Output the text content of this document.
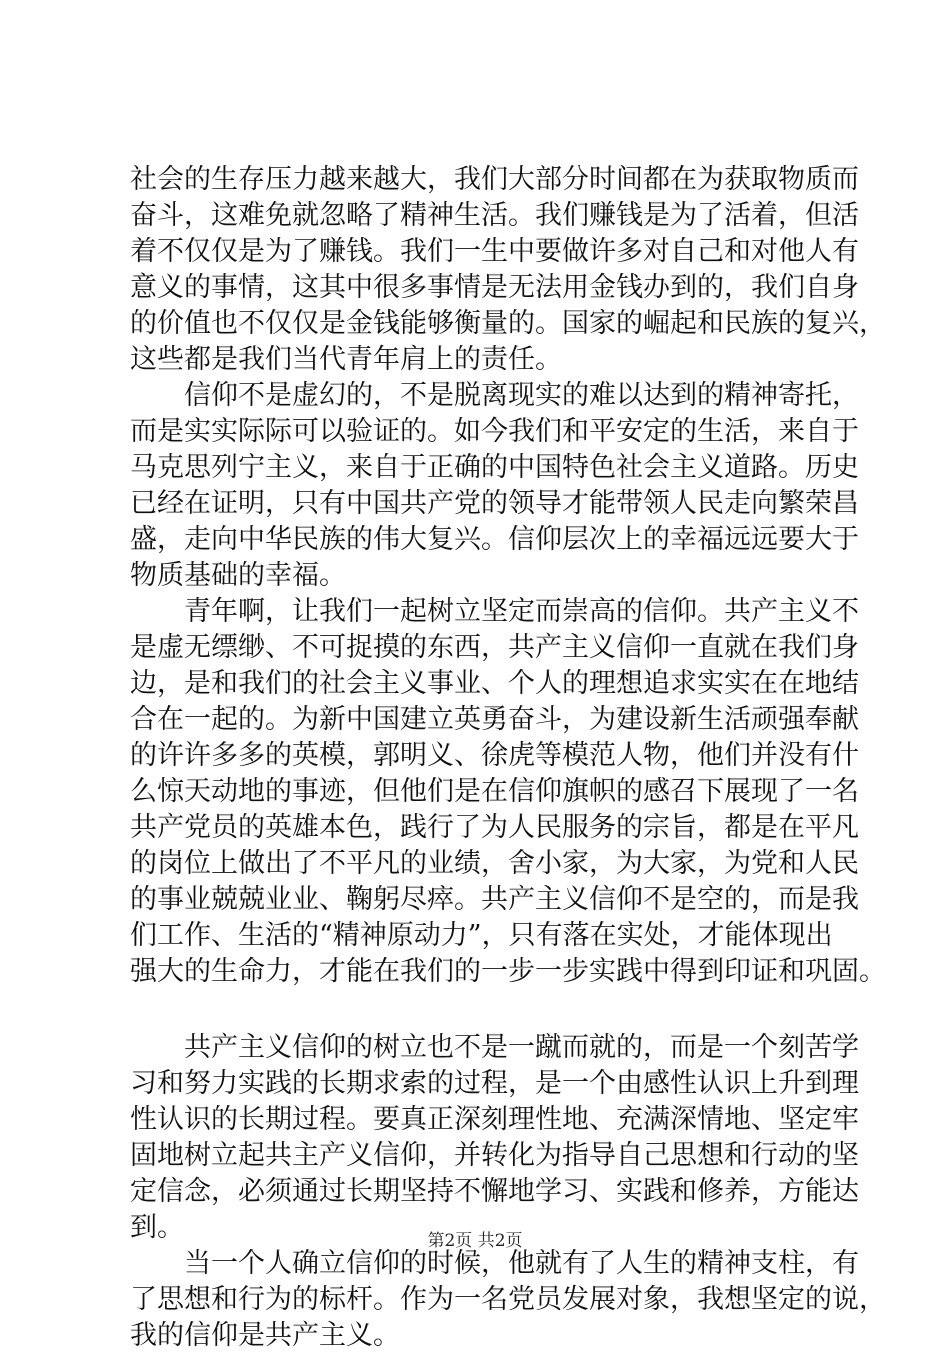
社会的生存压力越来越大，我们大部分时间都在为获取物质而
奋斗，这难免就忽略了精神生活。我们赚钱是为了活着，但活
着不仅仅是为了赚钱。我们一生中要做许多对自己和对他人有
意义的事情，这其中很多事情是无法用金钱办到的，我们自身
的价值也不仅仅是金钱能够衡量的。国家的崛起和民族的复兴，
这些都是我们当代青年肩上的责任。
信仰不是虚幻的，不是脱离现实的难以达到的精神寄托，
而是实实际际可以验证的。如今我们和平安定的生活，来自于
马克思列宁主义，来自于正确的中国特色社会主义道路。历史
已经在证明，只有中国共产党的领导才能带领人民走向繁荣昌
盛，走向中华民族的伟大复兴。信仰层次上的幸福远远要大于
物质基础的幸福。
青年啊，让我们一起树立坚定而崇高的信仰。共产主义不
是虚无缥缈、不可捉摸的东西，共产主义信仰一直就在我们身
边，是和我们的社会主义事业、个人的理想追求实实在在地结
合在一起的。为新中国建立英勇奋斗，为建设新生活顽强奉献
的许许多多的英模，郭明义、徐虎等模范人物，他们并没有什
么惊天动地的事迹，但他们是在信仰旗帜的感召下展现了一名
共产党员的英雄本色，践行了为人民服务的宗旨，都是在平凡
的岗位上做出了不平凡的业绩，舍小家，为大家，为党和人民
的事业兢兢业业、鞠躬尽瘁。共产主义信仰不是空的，而是我
们工作、生活的“精神原动力”，只有落在实处，才能体现出
强大的生命力，才能在我们的一步一步实践中得到印证和巩固。
共产主义信仰的树立也不是一蹴而就的，而是一个刻苦学
习和努力实践的长期求索的过程，是一个由感性认识上升到理
性认识的长期过程。要真正深刻理性地、充满深情地、坚定牢
固地树立起共主产义信仰，并转化为指导自己思想和行动的坚
定信念，必须通过长期坚持不懈地学习、实践和修养，方能达
到。
当一个人确立信仰的时候，他就有了人生的精神支柱，有
了思想和行为的标杆。作为一名党员发展对象，我想坚定的说，
我的信仰是共产主义。
第2页 共2页
